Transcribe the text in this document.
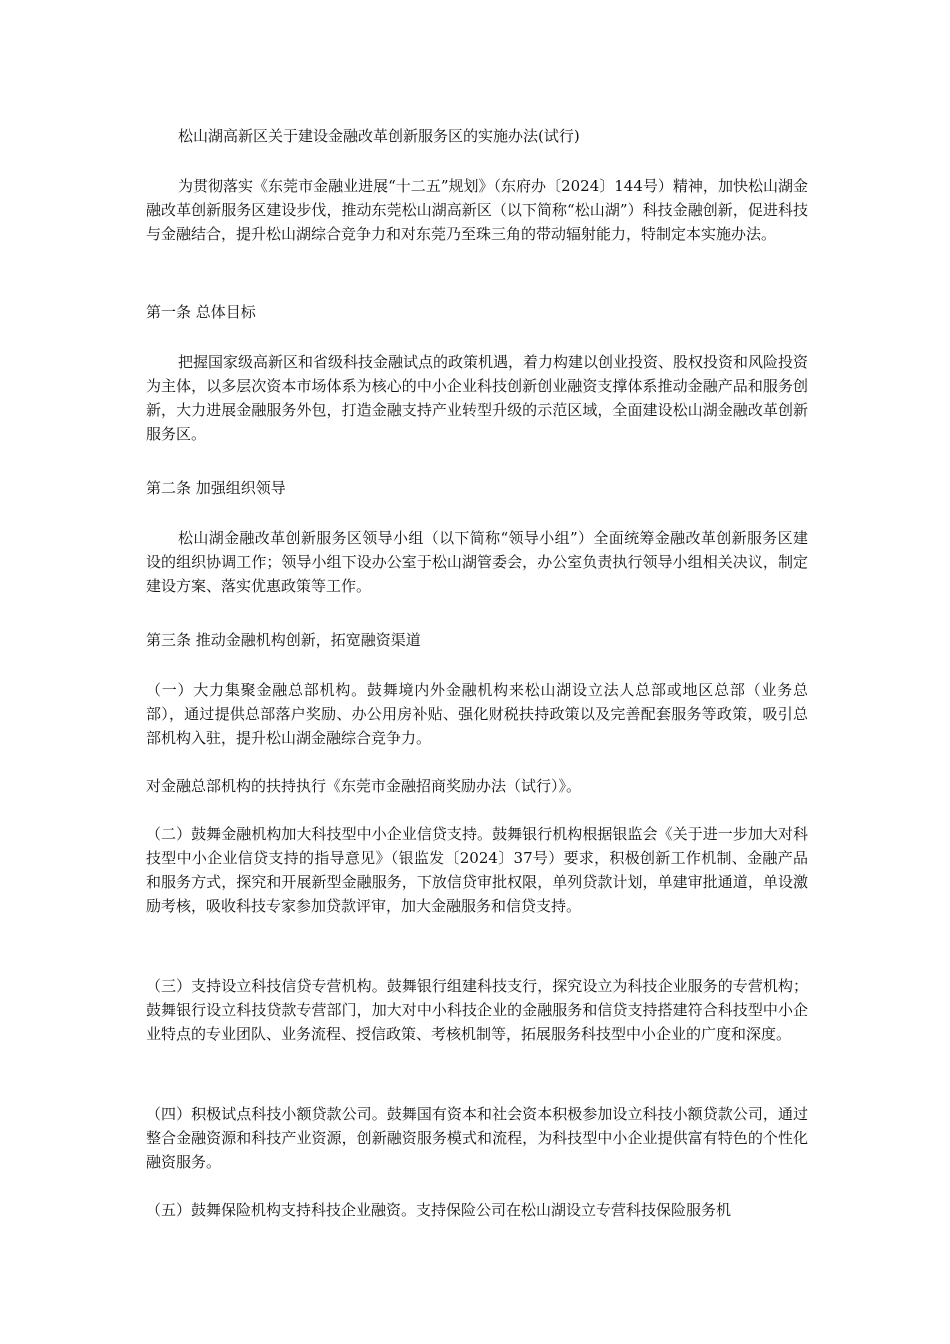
松山湖高新区关于建设金融改革创新服务区的实施办法(试行)
为贯彻落实《东莞市金融业进展“十二五”规划》（东府办〔2024〕144号）精神，加快松山湖金融改革创新服务区建设步伐，推动东莞松山湖高新区（以下简称“松山湖”）科技金融创新，促进科技与金融结合，提升松山湖综合竞争力和对东莞乃至珠三角的带动辐射能力，特制定本实施办法。
第一条 总体目标
把握国家级高新区和省级科技金融试点的政策机遇，着力构建以创业投资、股权投资和风险投资为主体，以多层次资本市场体系为核心的中小企业科技创新创业融资支撑体系推动金融产品和服务创新，大力进展金融服务外包，打造金融支持产业转型升级的示范区域，全面建设松山湖金融改革创新服务区。
第二条 加强组织领导
松山湖金融改革创新服务区领导小组（以下简称“领导小组”）全面统筹金融改革创新服务区建设的组织协调工作；领导小组下设办公室于松山湖管委会，办公室负责执行领导小组相关决议，制定建设方案、落实优惠政策等工作。
第三条 推动金融机构创新，拓宽融资渠道
（一）大力集聚金融总部机构。鼓舞境内外金融机构来松山湖设立法人总部或地区总部（业务总部），通过提供总部落户奖励、办公用房补贴、强化财税扶持政策以及完善配套服务等政策，吸引总部机构入驻，提升松山湖金融综合竞争力。
对金融总部机构的扶持执行《东莞市金融招商奖励办法（试行）》。
（二）鼓舞金融机构加大科技型中小企业信贷支持。鼓舞银行机构根据银监会《关于进一步加大对科技型中小企业信贷支持的指导意见》（银监发〔2024〕37号）要求，积极创新工作机制、金融产品和服务方式，探究和开展新型金融服务，下放信贷审批权限，单列贷款计划，单建审批通道，单设激励考核，吸收科技专家参加贷款评审，加大金融服务和信贷支持。
（三）支持设立科技信贷专营机构。鼓舞银行组建科技支行，探究设立为科技企业服务的专营机构；鼓舞银行设立科技贷款专营部门，加大对中小科技企业的金融服务和信贷支持搭建符合科技型中小企业特点的专业团队、业务流程、授信政策、考核机制等，拓展服务科技型中小企业的广度和深度。
（四）积极试点科技小额贷款公司。鼓舞国有资本和社会资本积极参加设立科技小额贷款公司，通过整合金融资源和科技产业资源，创新融资服务模式和流程，为科技型中小企业提供富有特色的个性化融资服务。
（五）鼓舞保险机构支持科技企业融资。支持保险公司在松山湖设立专营科技保险服务机
